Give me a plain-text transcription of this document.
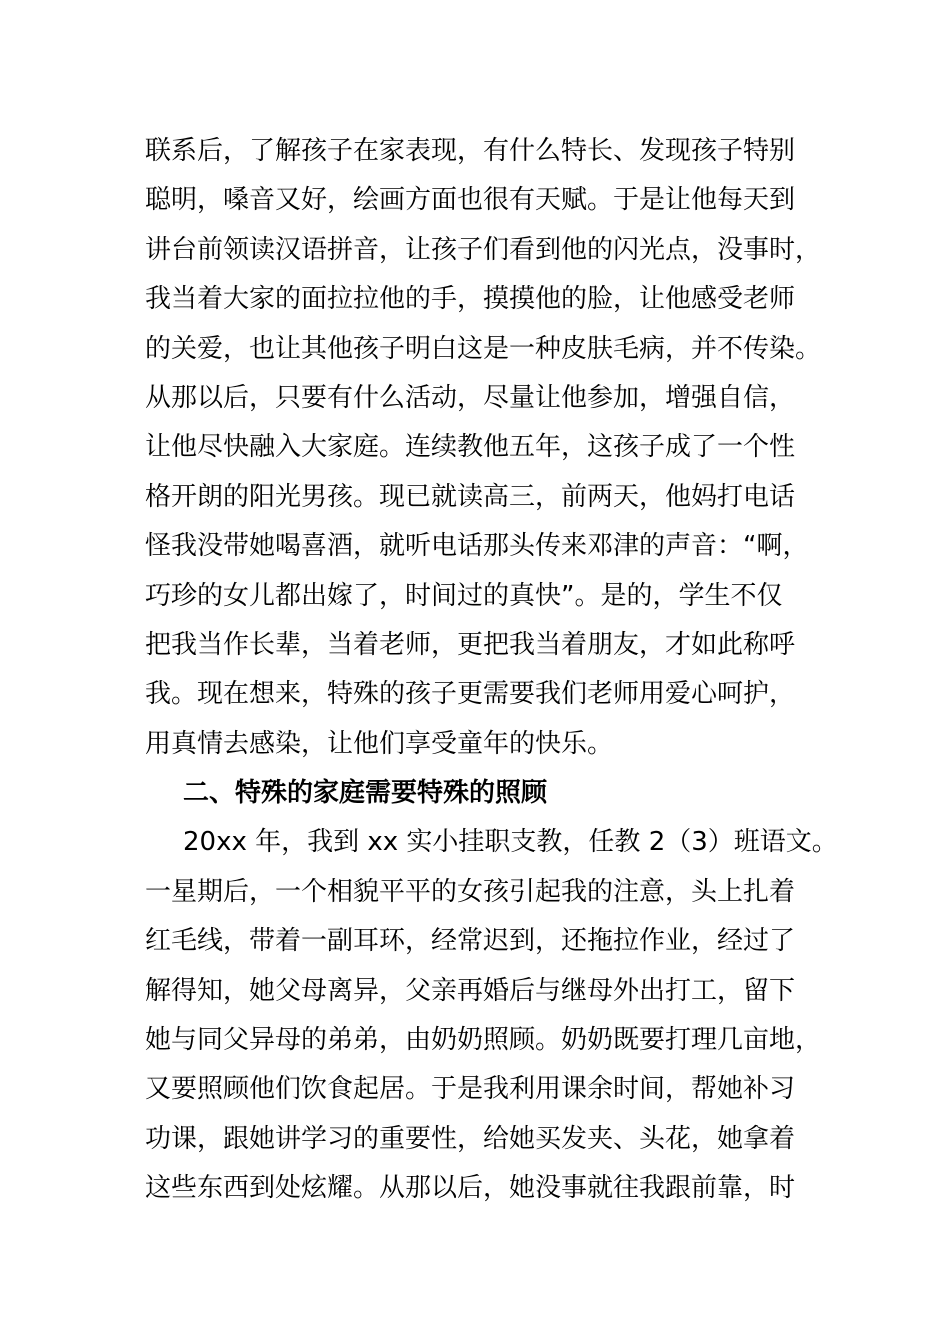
联系后，了解孩子在家表现，有什么特长、发现孩子特别
聪明，嗓音又好，绘画方面也很有天赋。于是让他每天到
讲台前领读汉语拼音，让孩子们看到他的闪光点，没事时，
我当着大家的面拉拉他的手，摸摸他的脸，让他感受老师
的关爱，也让其他孩子明白这是一种皮肤毛病，并不传染。
从那以后，只要有什么活动，尽量让他参加，增强自信，
让他尽快融入大家庭。连续教他五年，这孩子成了一个性
格开朗的阳光男孩。现已就读高三，前两天，他妈打电话
怪我没带她喝喜酒，就听电话那头传来邓津的声音：“啊，
巧珍的女儿都出嫁了，时间过的真快”。是的，学生不仅
把我当作长辈，当着老师，更把我当着朋友，才如此称呼
我。现在想来，特殊的孩子更需要我们老师用爱心呵护，
用真情去感染，让他们享受童年的快乐。
二、特殊的家庭需要特殊的照顾
20xx 年，我到 xx 实小挂职支教，任教 2（3）班语文。
一星期后，一个相貌平平的女孩引起我的注意，头上扎着
红毛线，带着一副耳环，经常迟到，还拖拉作业，经过了
解得知，她父母离异，父亲再婚后与继母外出打工，留下
她与同父异母的弟弟，由奶奶照顾。奶奶既要打理几亩地，
又要照顾他们饮食起居。于是我利用课余时间，帮她补习
功课，跟她讲学习的重要性，给她买发夹、头花，她拿着
这些东西到处炫耀。从那以后，她没事就往我跟前靠，时
